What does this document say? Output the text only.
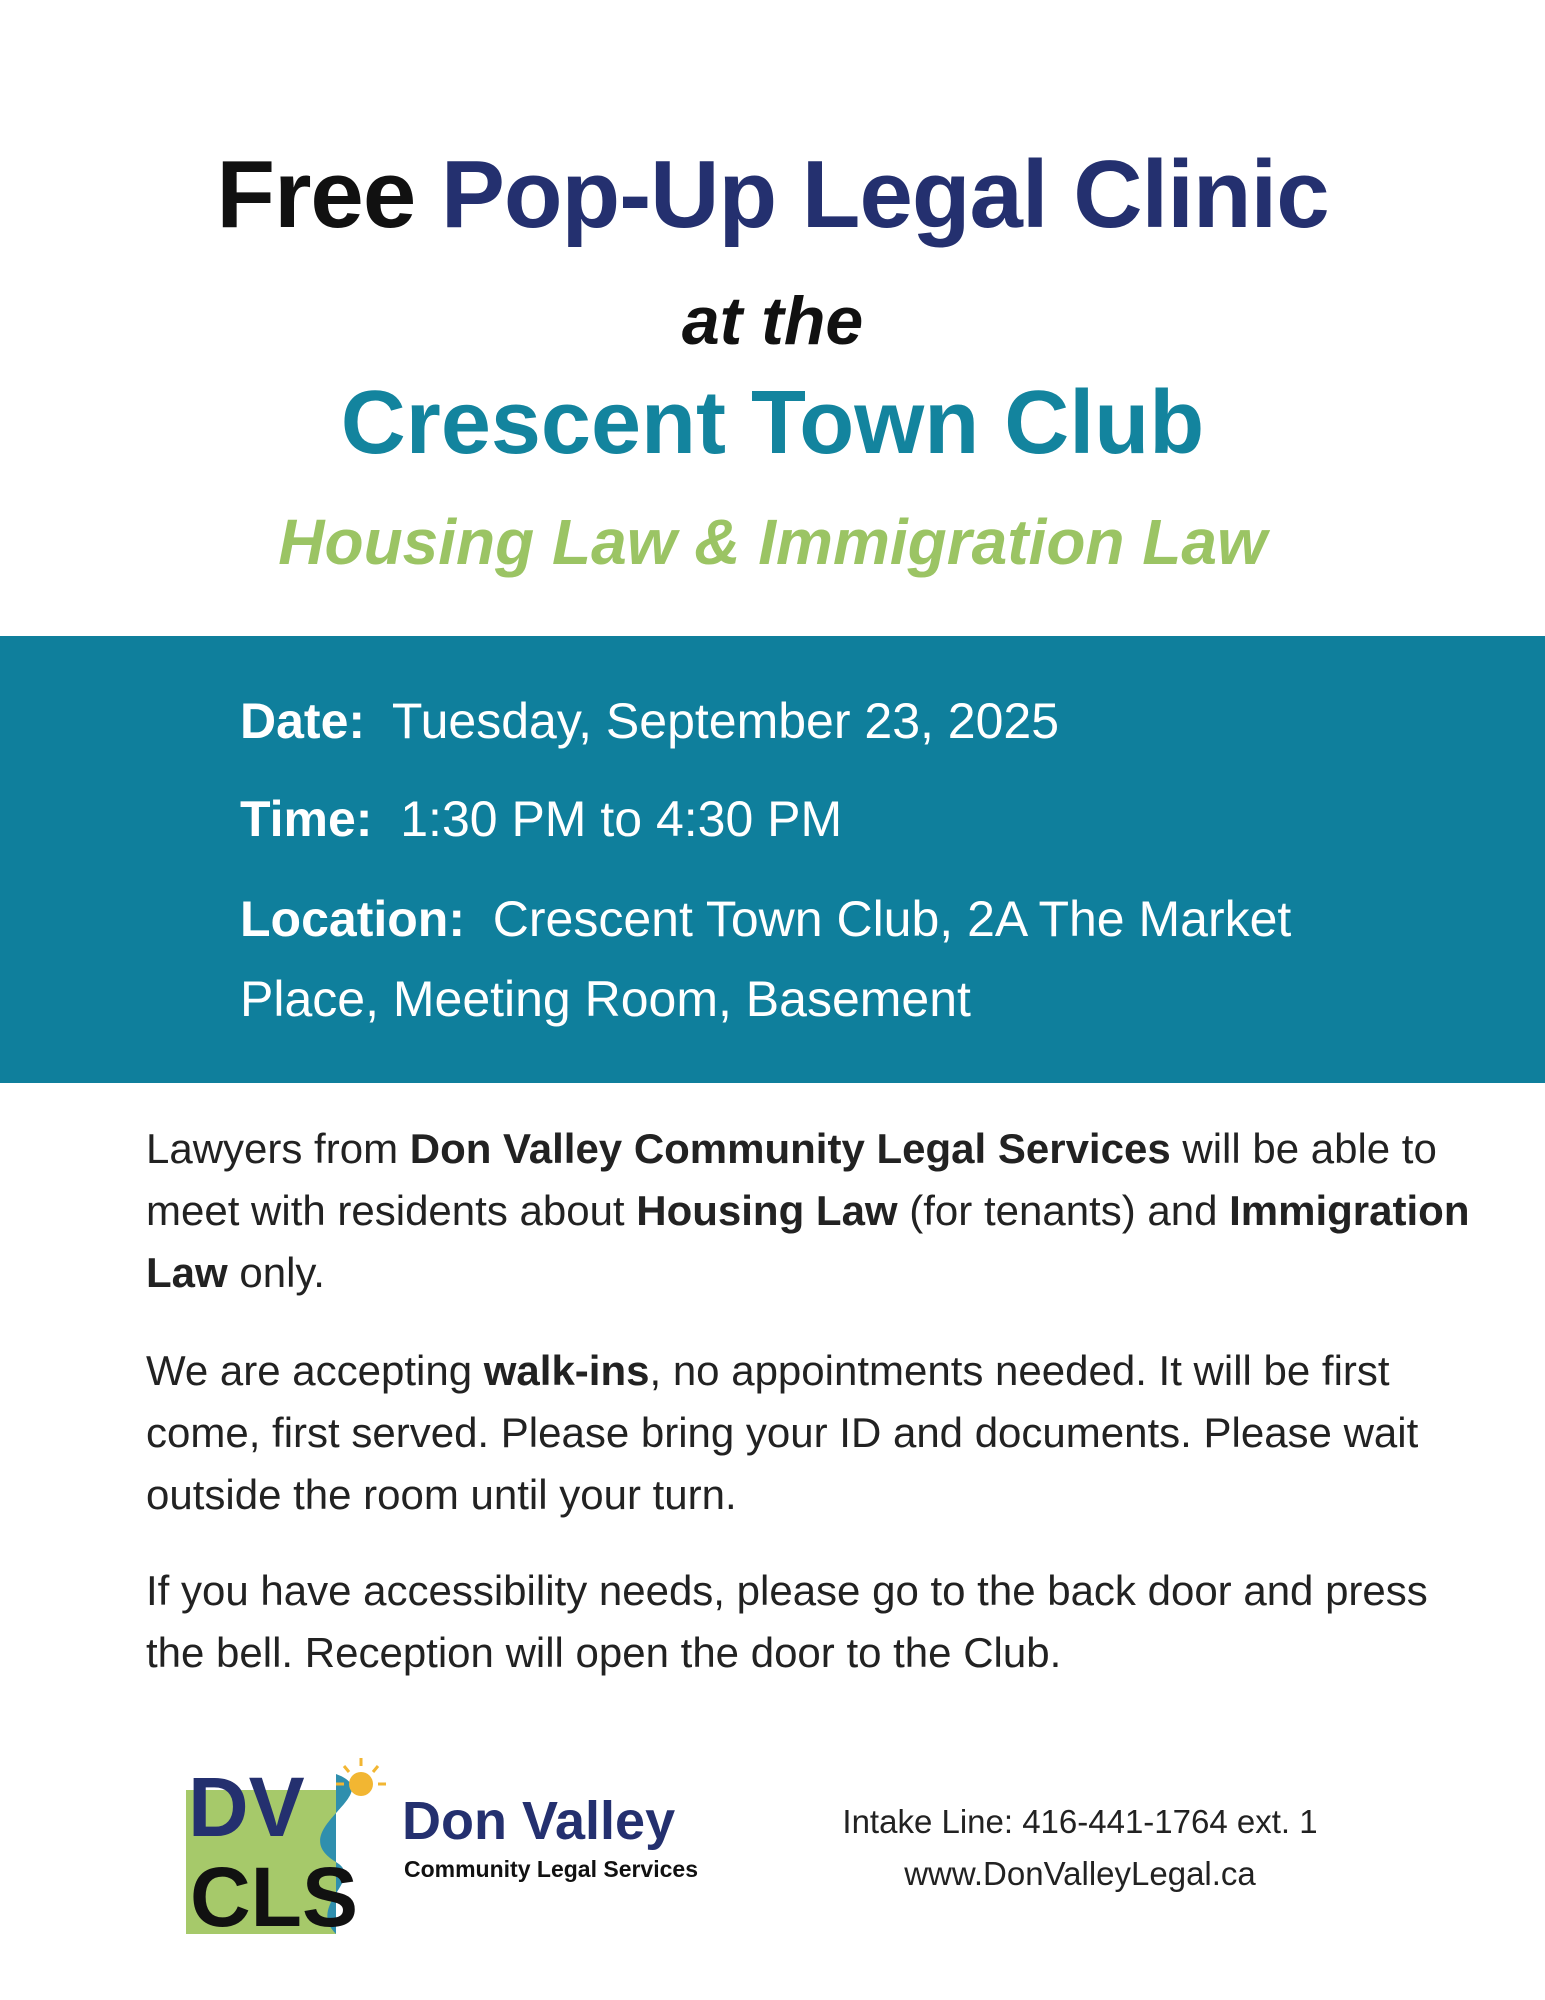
Free Pop-Up Legal Clinic
at the
Crescent Town Club
Housing Law & Immigration Law
Date: Tuesday, September 23, 2025
Time: 1:30 PM to 4:30 PM
Location: Crescent Town Club, 2A The Market Place, Meeting Room, Basement

Lawyers from Don Valley Community Legal Services will be able to meet with residents about Housing Law (for tenants) and Immigration Law only.

We are accepting walk-ins, no appointments needed. It will be first come, first served. Please bring your ID and documents. Please wait outside the room until your turn.

If you have accessibility needs, please go to the back door and press the bell. Reception will open the door to the Club.

DV
CLS
Don Valley
Community Legal Services
Intake Line: 416-441-1764 ext. 1
www.DonValleyLegal.ca
